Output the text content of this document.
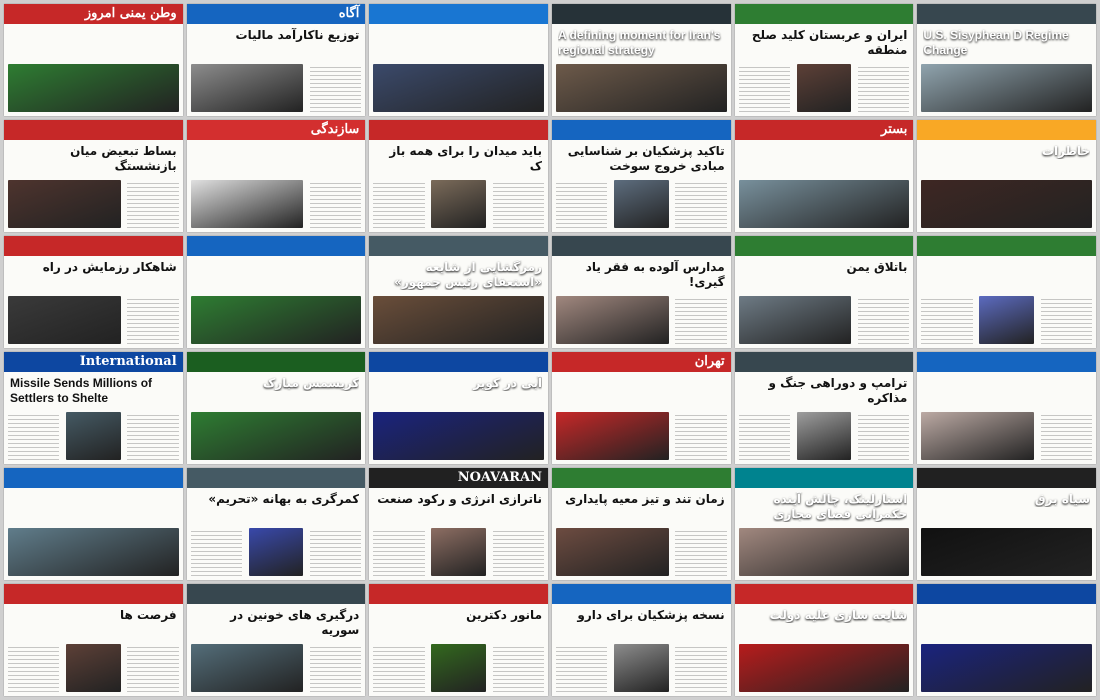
وطن یمنی امروز	آگاه
توزیع ناکارآمد مالیات	A defining moment for Iran's regional strategy
ایران و عربستان کلید صلح منطقه
U.S. Sisyphean D Regime Change
بساط تبعیض میان بازنشستگ
سازندگی
باید میدان را برای همه باز ک
تاکید پزشکیان بر شناسایی مبادی خروج سوخت
بستر
خاطرات
شاهکار رزمایش در راه	رمزگشایی از شایعه «استعفای رئیس جمهور»
مدارس آلوده به فقر یاد گیری!
باتلاق یمن
International
Missile Sends Millions of Settlers to Shelte
کریسمس مبارک	آبی در کویر
تهران
ترامپ و دوراهی جنگ و مذاکره
کمرگری به بهانه «تحریم»
NOAVARAN
ناترازی انرژی و رکود صنعت	زمان تند و تیز معیه پایداری	استارلینک، چالش آینده حکمرانی فضای مجازی
سیاه برق
فرصت ها	درگیری های خونین در سوریه
مانور دکترین	نسخه پزشکیان برای دارو	شایعه سازی علیه دولت
